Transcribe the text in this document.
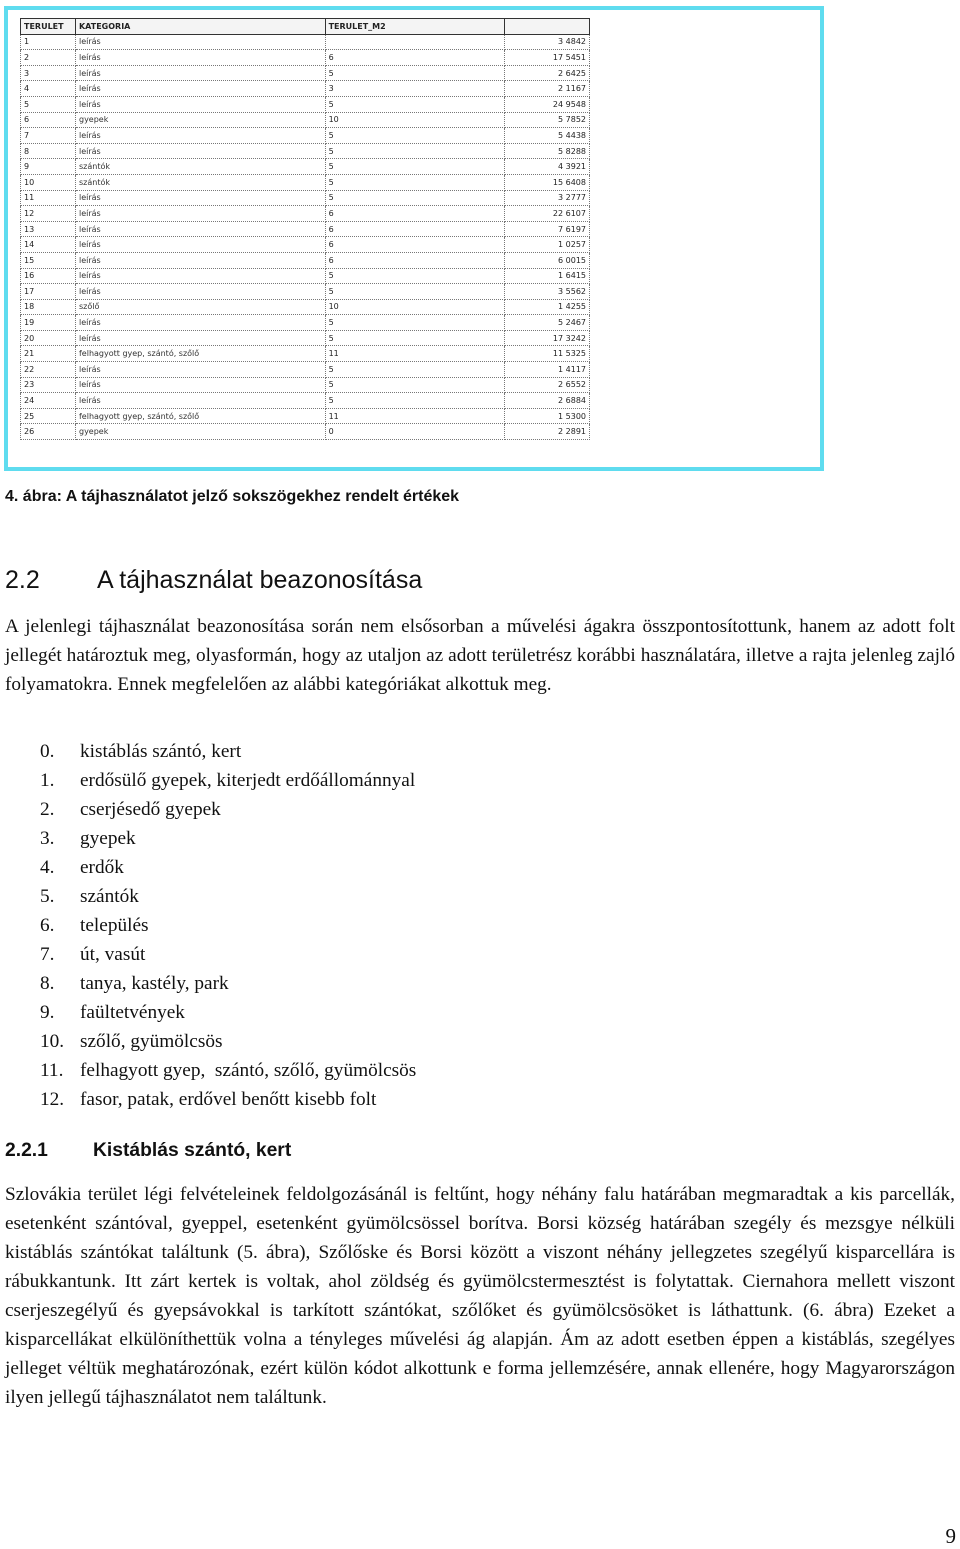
TERULET	KATEGORIA	TERULET_M2	
1	leírás		3 4842
2	leírás	6	17 5451
3	leírás	5	2 6425
4	leírás	3	2 1167
5	leírás	5	24 9548
6	gyepek	10	5 7852
7	leírás	5	5 4438
8	leírás	5	5 8288
9	szántók	5	4 3921
10	szántók	5	15 6408
11	leírás	5	3 2777
12	leírás	6	22 6107
13	leírás	6	7 6197
14	leírás	6	1 0257
15	leírás	6	6 0015
16	leírás	5	1 6415
17	leírás	5	3 5562
18	szőlő	10	1 4255
19	leírás	5	5 2467
20	leírás	5	17 3242
21	felhagyott gyep, szántó, szőlő	11	11 5325
22	leírás	5	1 4117
23	leírás	5	2 6552
24	leírás	5	2 6884
25	felhagyott gyep, szántó, szőlő	11	1 5300
26	gyepek	0	2 2891
4. ábra: A tájhasználatot jelző sokszögekhez rendelt értékek
2.2 A tájhasználat beazonosítása

A jelenlegi tájhasználat beazonosítása során nem elsősorban a művelési ágakra összpontosítottunk, hanem az adott folt jellegét határoztuk meg, olyasformán, hogy az utaljon az adott területrész korábbi használatára, illetve a rajta jelenleg zajló folyamatokra. Ennek megfelelően az alábbi kategóriákat alkottuk meg.

0.	kistáblás szántó, kert
1.	erdősülő gyepek, kiterjedt erdőállománnyal
2.	cserjésedő gyepek
3.	gyepek
4.	erdők
5.	szántók
6.	település
7.	út, vasút
8.	tanya, kastély, park
9.	faültetvények
10. szőlő, gyümölcsös
11. felhagyott gyep,  szántó, szőlő, gyümölcsös
12. fasor, patak, erdővel benőtt kisebb folt
2.2.1 Kistáblás szántó, kert

Szlovákia terület légi felvételeinek feldolgozásánál is feltűnt, hogy néhány falu határában megmaradtak a kis parcellák, esetenként szántóval, gyeppel, esetenként gyümölcsössel borítva. Borsi község határában szegély és mezsgye nélküli kistáblás szántókat találtunk (5. ábra), Szőlőske és Borsi között a viszont néhány jellegzetes szegélyű kisparcellára is rábukkantunk. Itt zárt kertek is voltak, ahol zöldség és gyümölcstermesztést is folytattak. Ciernahora mellett viszont cserjeszegélyű és gyepsávokkal is tarkított szántókat, szőlőket és gyümölcsösöket is láthattunk. (6. ábra) Ezeket a kisparcellákat elkülöníthettük volna a tényleges művelési ág alapján. Ám az adott esetben éppen a kistáblás, szegélyes jelleget véltük meghatározónak, ezért külön kódot alkottunk e forma jellemzésére, annak ellenére, hogy Magyarországon ilyen jellegű tájhasználatot nem találtunk.

9
